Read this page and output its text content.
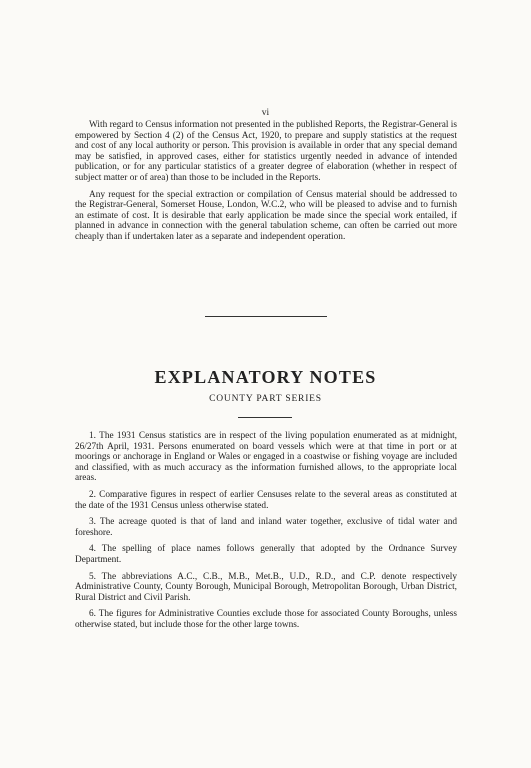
vi

With regard to Census information not presented in the published Reports, the Registrar-General is empowered by Section 4 (2) of the Census Act, 1920, to prepare and supply statistics at the request and cost of any local authority or person. This provision is available in order that any special demand may be satisfied, in approved cases, either for statistics urgently needed in advance of intended publication, or for any particular statistics of a greater degree of elaboration (whether in respect of subject matter or of area) than those to be included in the Reports.

Any request for the special extraction or compilation of Census material should be addressed to the Registrar-General, Somerset House, London, W.C.2, who will be pleased to advise and to furnish an estimate of cost. It is desirable that early application be made since the special work entailed, if planned in advance in connection with the general tabulation scheme, can often be carried out more cheaply than if undertaken later as a separate and independent operation.

EXPLANATORY NOTES
COUNTY PART SERIES

1. The 1931 Census statistics are in respect of the living population enumerated as at midnight, 26/27th April, 1931. Persons enumerated on board vessels which were at that time in port or at moorings or anchorage in England or Wales or engaged in a coastwise or fishing voyage are included and classified, with as much accuracy as the information furnished allows, to the appropriate local areas.

2. Comparative figures in respect of earlier Censuses relate to the several areas as constituted at the date of the 1931 Census unless otherwise stated.

3. The acreage quoted is that of land and inland water together, exclusive of tidal water and foreshore.

4. The spelling of place names follows generally that adopted by the Ordnance Survey Department.

5. The abbreviations A.C., C.B., M.B., Met.B., U.D., R.D., and C.P. denote respectively Administrative County, County Borough, Municipal Borough, Metropolitan Borough, Urban District, Rural District and Civil Parish.

6. The figures for Administrative Counties exclude those for associated County Boroughs, unless otherwise stated, but include those for the other large towns.
